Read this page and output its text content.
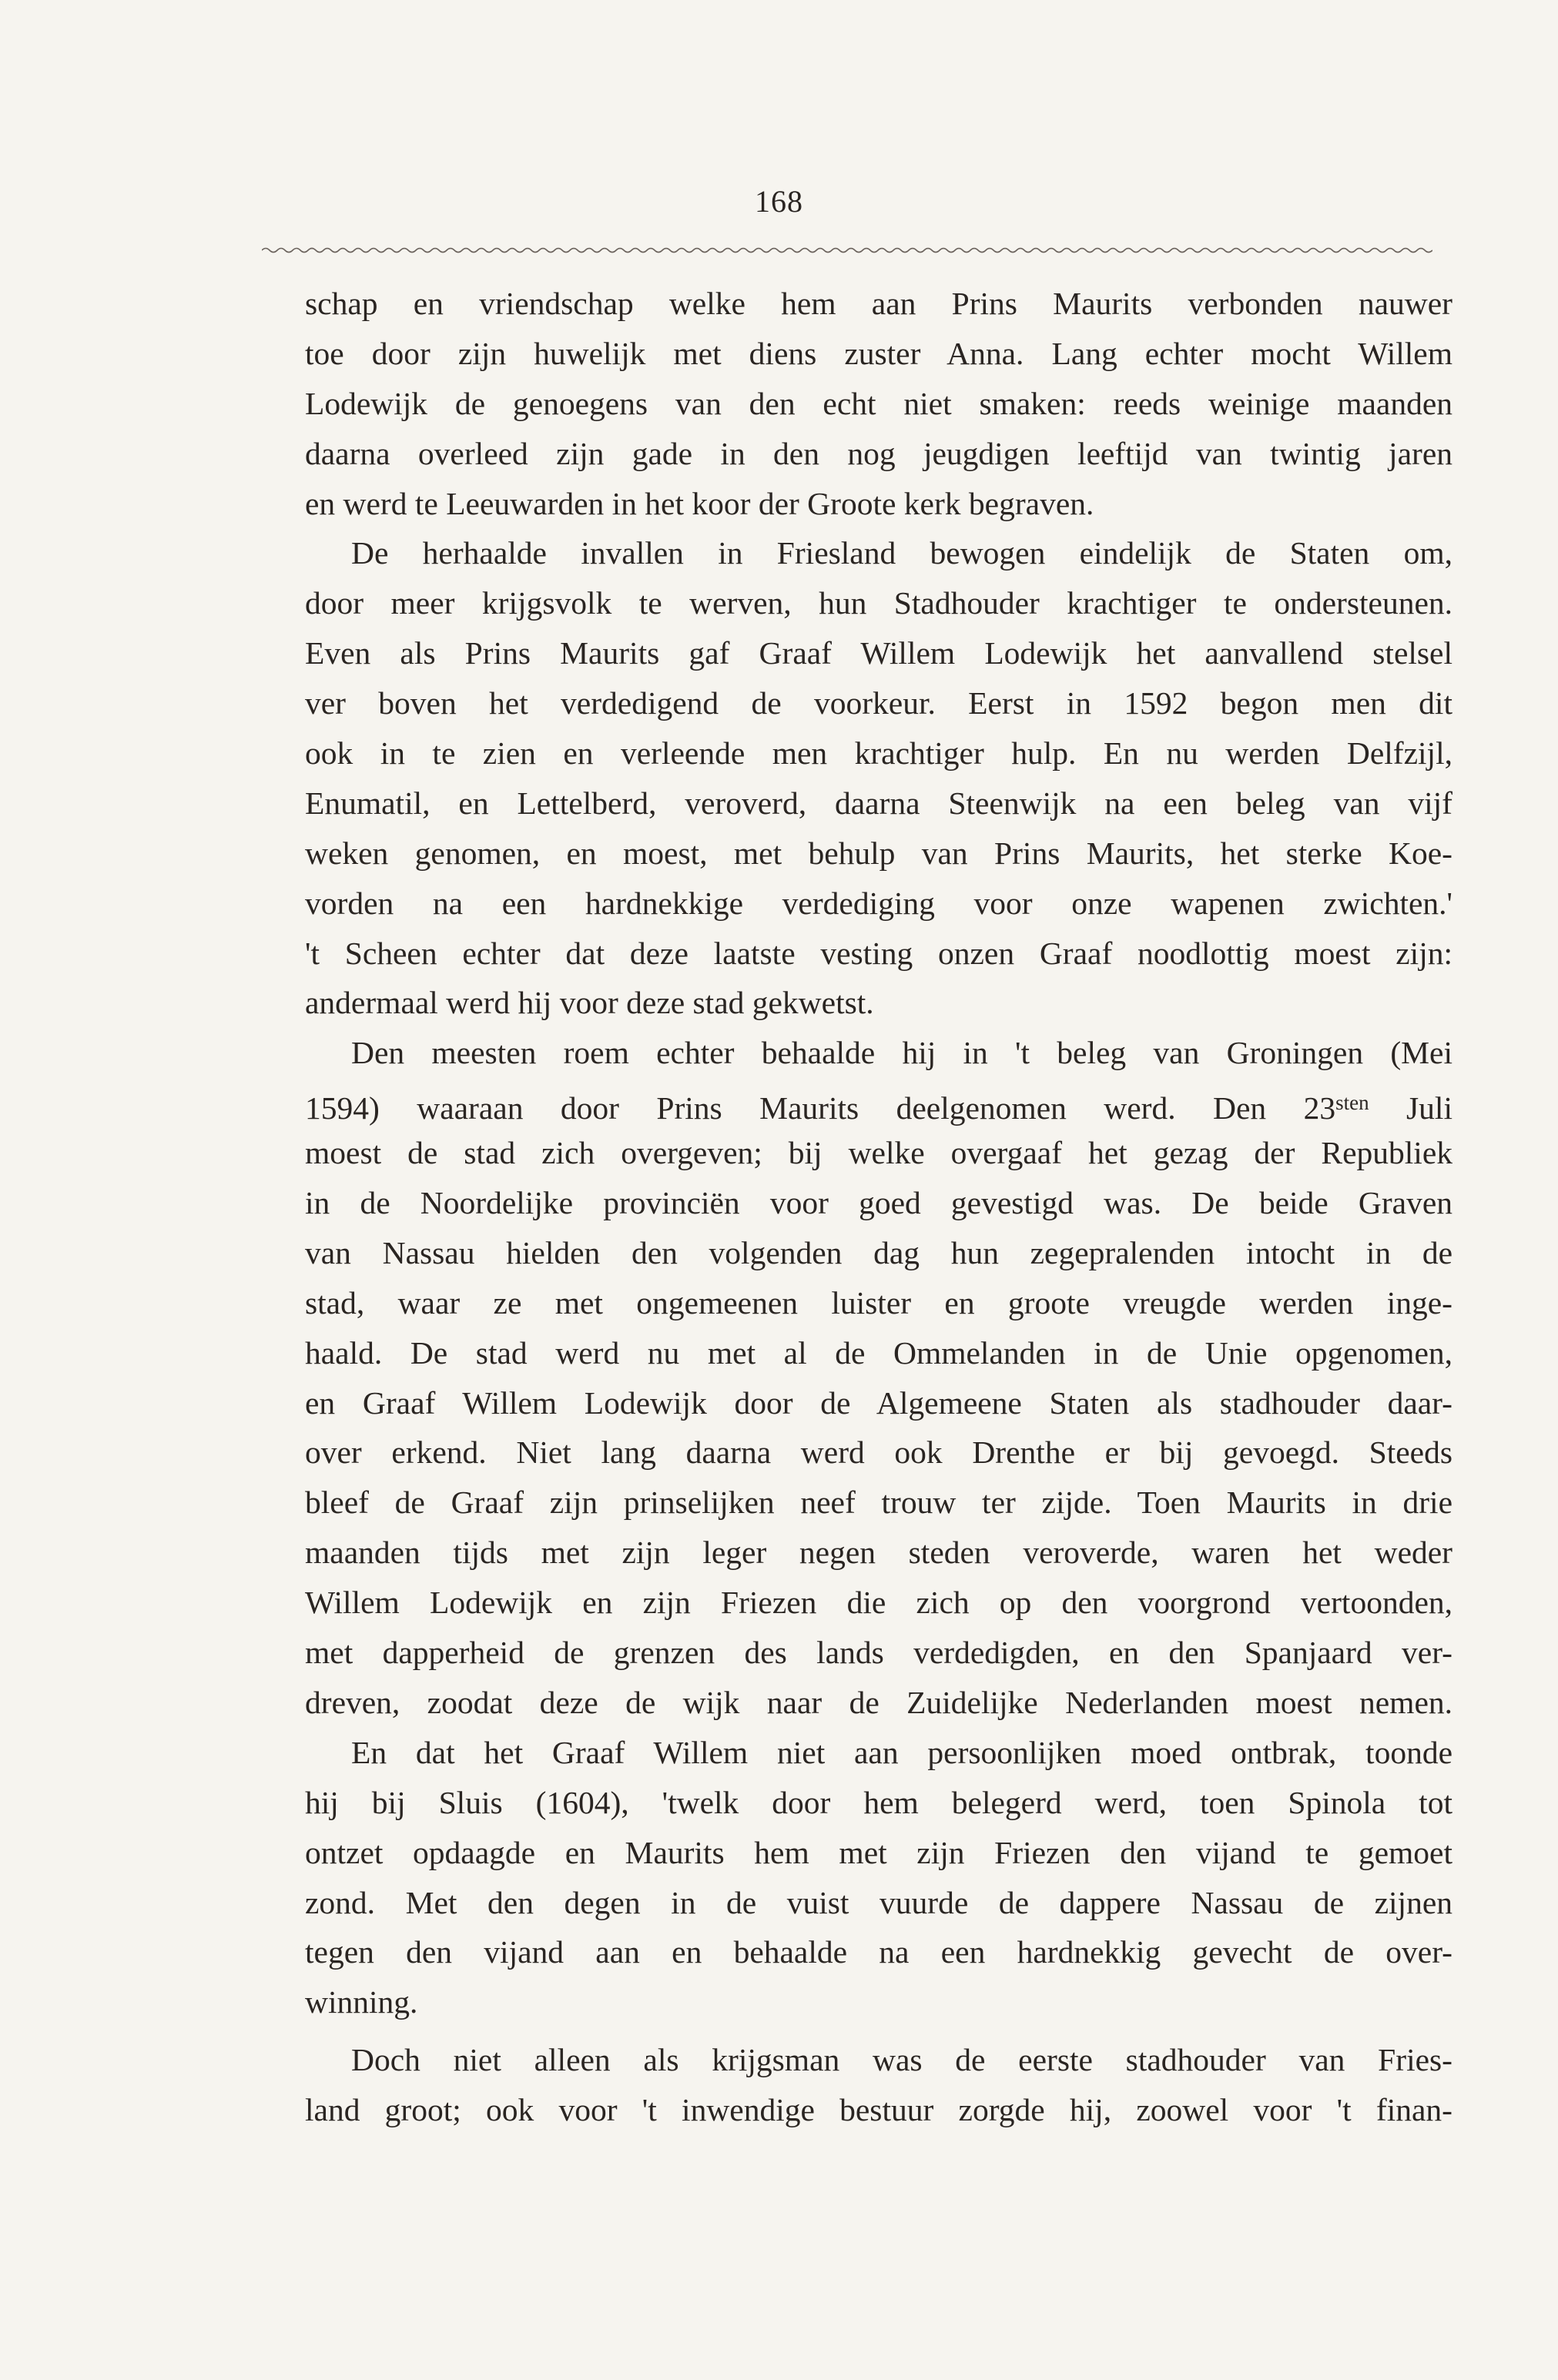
168
schap en vriendschap welke hem aan Prins Maurits verbonden nauwer
toe door zijn huwelijk met diens zuster Anna. Lang echter mocht Willem
Lodewijk de genoegens van den echt niet smaken: reeds weinige maanden
daarna overleed zijn gade in den nog jeugdigen leeftijd van twintig jaren
en werd te Leeuwarden in het koor der Groote kerk begraven.
De herhaalde invallen in Friesland bewogen eindelijk de Staten om,
door meer krijgsvolk te werven, hun Stadhouder krachtiger te ondersteunen.
Even als Prins Maurits gaf Graaf Willem Lodewijk het aanvallend stelsel
ver boven het verdedigend de voorkeur. Eerst in 1592 begon men dit
ook in te zien en verleende men krachtiger hulp. En nu werden Delfzijl,
Enumatil, en Lettelberd, veroverd, daarna Steenwijk na een beleg van vijf
weken genomen, en moest, met behulp van Prins Maurits, het sterke Koe-
vorden na een hardnekkige verdediging voor onze wapenen zwichten.'
't Scheen echter dat deze laatste vesting onzen Graaf noodlottig moest zijn:
andermaal werd hij voor deze stad gekwetst.
Den meesten roem echter behaalde hij in 't beleg van Groningen (Mei
1594) waaraan door Prins Maurits deelgenomen werd. Den $23^{sten}$ Juli
moest de stad zich overgeven; bij welke overgaaf het gezag der Republiek
in de Noordelijke provinciën voor goed gevestigd was. De beide Graven
van Nassau hielden den volgenden dag hun zegepralenden intocht in de
stad, waar ze met ongemeenen luister en groote vreugde werden inge-
haald. De stad werd nu met al de Ommelanden in de Unie opgenomen,
en Graaf Willem Lodewijk door de Algemeene Staten als stadhouder daar-
over erkend. Niet lang daarna werd ook Drenthe er bij gevoegd. Steeds
bleef de Graaf zijn prinselijken neef trouw ter zijde. Toen Maurits in drie
maanden tijds met zijn leger negen steden veroverde, waren het weder
Willem Lodewijk en zijn Friezen die zich op den voorgrond vertoonden,
met dapperheid de grenzen des lands verdedigden, en den Spanjaard ver-
dreven, zoodat deze de wijk naar de Zuidelijke Nederlanden moest nemen.
En dat het Graaf Willem niet aan persoonlijken moed ontbrak, toonde
hij bij Sluis (1604), 'twelk door hem belegerd werd, toen Spinola tot
ontzet opdaagde en Maurits hem met zijn Friezen den vijand te gemoet
zond. Met den degen in de vuist vuurde de dappere Nassau de zijnen
tegen den vijand aan en behaalde na een hardnekkig gevecht de over-
winning.
Doch niet alleen als krijgsman was de eerste stadhouder van Fries-
land groot; ook voor 't inwendige bestuur zorgde hij, zoowel voor 't finan-
